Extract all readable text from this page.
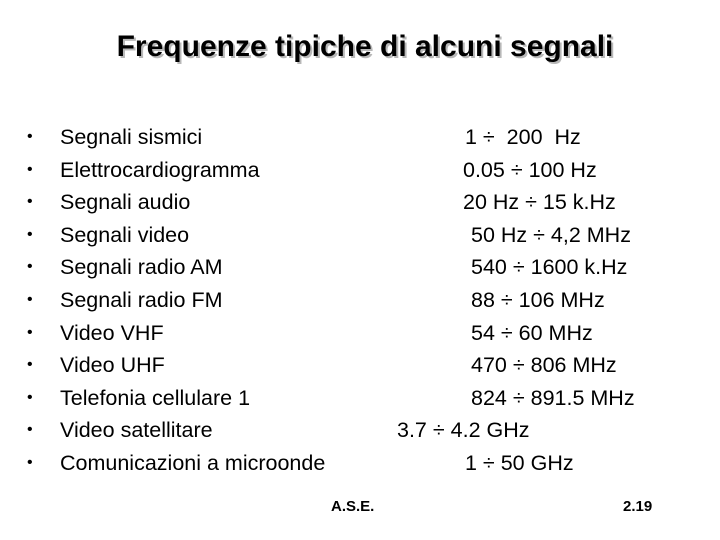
Frequenze tipiche di alcuni segnali
• Segnali sismici	1 ÷  200  Hz
• Elettrocardiogramma	0.05 ÷ 100 Hz
• Segnali audio	20 Hz ÷ 15 k.Hz
• Segnali video	50 Hz ÷ 4,2 MHz
• Segnali radio AM	540 ÷ 1600 k.Hz
• Segnali radio FM	88 ÷ 106 MHz
• Video VHF	54 ÷ 60 MHz
• Video UHF	470 ÷ 806 MHz
• Telefonia cellulare 1	824 ÷ 891.5 MHz
• Video satellitare	3.7 ÷ 4.2 GHz
• Comunicazioni a microonde	1 ÷ 50 GHz
A.S.E.	2.19
